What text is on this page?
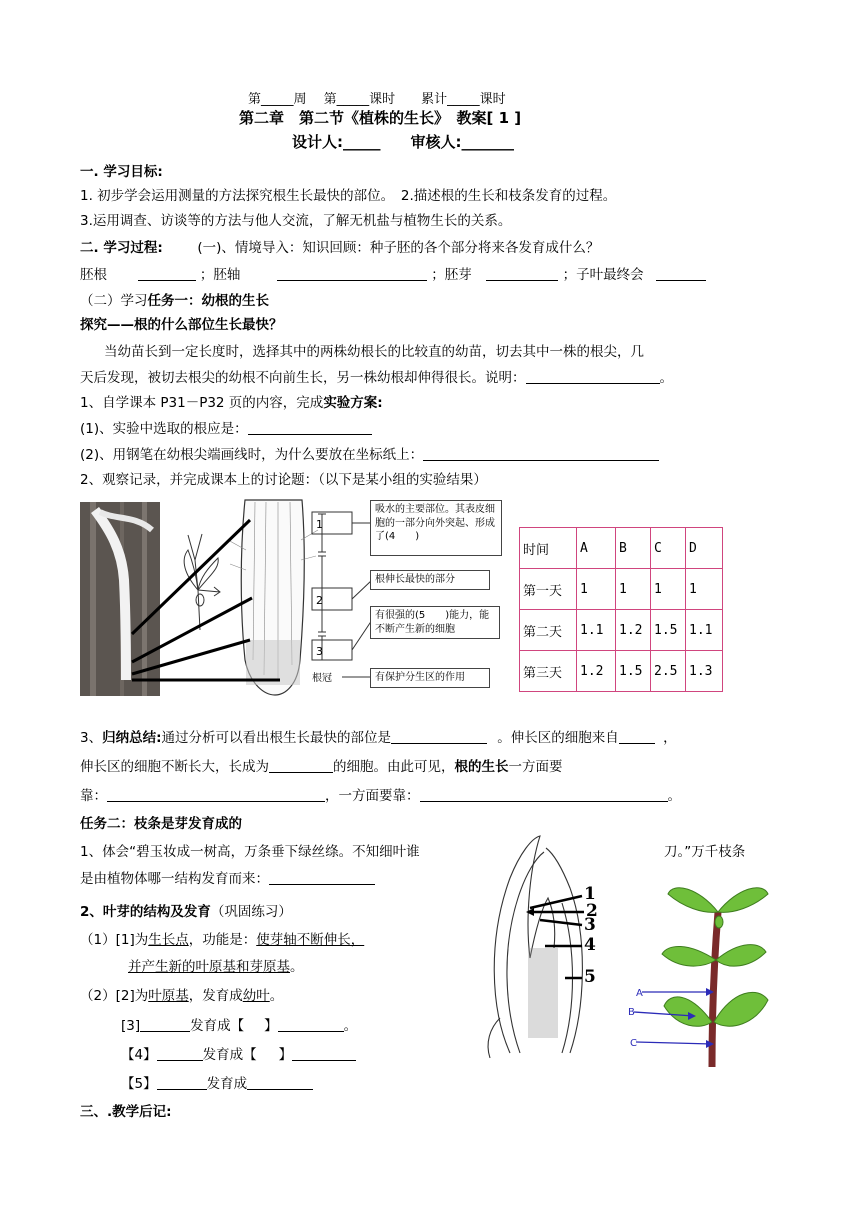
第_____周　 第_____课时　　累计_____课时
第二章　第二节《植株的生长》　教案[ 1 ]
设计人:_____　　审核人:_______
一. 学习目标:
1. 初步学会运用测量的方法探究根生长最快的部位。　2.描述根的生长和枝条发育的过程。
3.运用调查、访谈等的方法与他人交流，了解无机盐与植物生长的关系。
二. 学习过程:	(一)、情境导入：知识回顾：种子胚的各个部分将来各发育成什么？
胚根	；胚轴	；胚芽	；子叶最终会
（二）学习任务一：幼根的生长
探究——根的什么部位生长最快？
当幼苗长到一定长度时，选择其中的两株幼根长的比较直的幼苗，切去其中一株的根尖，几
天后发现，被切去根尖的幼根不向前生长，另一株幼根却伸得很长。说明：	。
1、自学课本 P31－P32 页的内容，完成实验方案:
(1)、实验中选取的根应是：
(2)、用钢笔在幼根尖端画线时，为什么要放在坐标纸上：
2、观察记录，并完成课本上的讨论题：（以下是某小组的实验结果）
1
2
3
根冠
吸水的主要部位。其表皮细胞的一部分向外突起、形成了(4　　)
根伸长最快的部分
有很强的(5　　)能力，能不断产生新的细胞
有保护分生区的作用
时间	A	B	C	D
第一天	1	1	1	1
第二天	1.1	1.2	1.5	1.1
第三天	1.2	1.5	2.5	1.3
3、归纳总结:通过分析可以看出根生长最快的部位是	。伸长区的细胞来自	，
伸长区的细胞不断长大，长成为	的细胞。由此可见，根的生长一方面要
靠：	，一方面要靠：	。
任务二：枝条是芽发育成的
1、体会“碧玉妆成一树高，万条垂下绿丝绦。不知细叶谁	刀。”万千枝条
是由植物体哪一结构发育而来：
2、叶芽的结构及发育（巩固练习）
（1）[1]为生长点，功能是：使芽轴不断伸长，
并产生新的叶原基和芽原基。
（2）[2]为叶原基，发育成幼叶。
[3]	发育成【 】	。
【4】	发育成【 】
【5】	发育成
1
2
3
4
5
A
B
C
三、.教学后记:
